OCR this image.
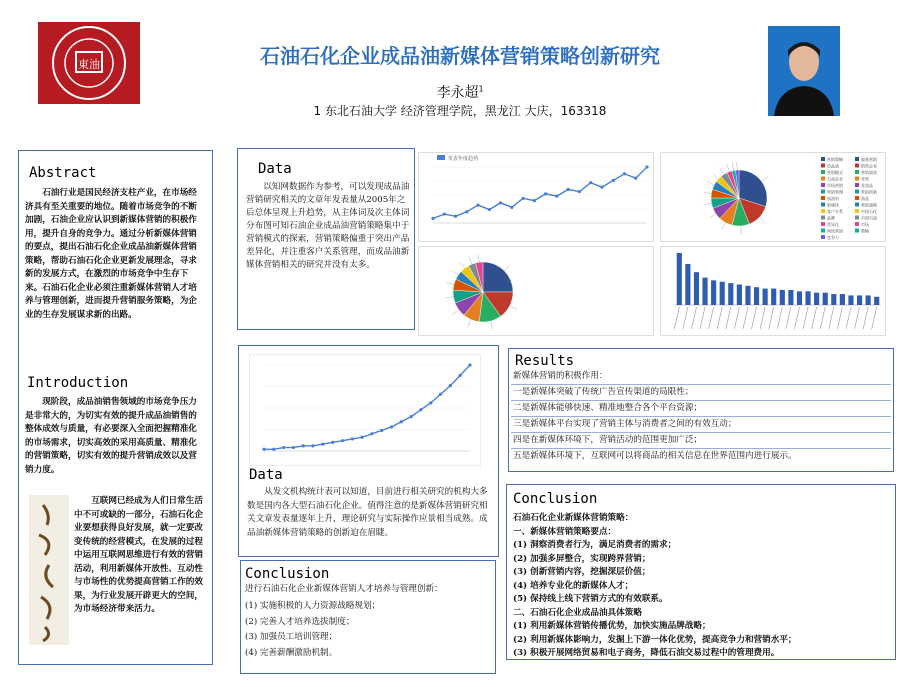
東油	石油石化企业成品油新媒体营销策略创新研究
李永超$^1$
1 东北石油大学 经济管理学院，黑龙江 大庆，163318
Abstract
　　石油行业是国民经济支柱产业，在市场经济具有至关重要的地位。随着市场竞争的不断加剧，石油企业应认识到新媒体营销的积极作用，提升自身的竞争力。通过分析新媒体营销的要点，提出石油石化企业成品油新媒体营销策略，帮助石油石化企业更新发展理念，寻求新的发展方式，在激烈的市场竞争中生存下来。石油石化企业必须注重新媒体营销人才培养与管理创新，进而提升营销服务策略，为企业的生存发展谋求新的出路。
Introduction
　　现阶段，成品油销售领域的市场竞争压力是非常大的，为切实有效的提升成品油销售的整体成效与质量，有必要深入全面把握精准化的市场需求，切实高效的采用高质量、精准化的营销策略，切实有效的提升营销成效以及营销力度。
　　互联网已经成为人们日常生活中不可或缺的一部分，石油石化企业要想获得良好发展，就一定要改变传统的经营模式，在发展的过程中运用互联网思维进行有效的营销活动，利用新媒体开放性、互动性与市场性的优势提高营销工作的效果，为行业发展开辟更大的空间，为市场经济带来活力。
Data
　　以知网数据作为参考，可以发现成品油营销研究相关的文章年发表量从2005年之后总体呈现上升趋势，从主体词及次主体词分布图可知石油企业成品油营销策略集中于营销模式的探索，营销策略偏重于突出产品差异化，并注重客户关系管理，而成品油新媒体营销相关的研究并没有太多。
发表年度趋势	营销策略
成品油
营销模式
石油企业
市场营销
营销管理
加油站
新媒体
客户关系
品牌
差异化
网络营销
竞争力
服务营销
销售企业
营销渠道
零售
非油品
营销创新
油品
营销战略
中国石化
中国石油
市场
策略
Data
　　从发文机构统计表可以知道，目前进行相关研究的机构大多数是国内各大型石油石化企业。值得注意的是新媒体营销研究相关文章发表量逐年上升，理论研究与实际操作应景相当成熟。成品油新媒体营销策略的创新迫在眉睫。
Conclusion
进行石油石化企业新媒体营销人才培养与管理创新：
(1) 实施积极的人力资源战略规划；
(2) 完善人才培养选拔制度；
(3) 加强员工培训管理；
(4) 完善薪酬激励机制。
Results
新媒体营销的积极作用：
一是新媒体突破了传统广告宣传渠道的局限性；
二是新媒体能够快速、精准地整合各个平台资源；
三是新媒体平台实现了营销主体与消费者之间的有效互动；
四是在新媒体环境下，营销活动的范围更加广泛；
五是新媒体环境下，互联网可以将商品的相关信息在世界范围内进行展示。
Conclusion
石油石化企业新媒体营销策略：
一、新媒体营销策略要点：
(1) 洞察消费者行为，满足消费者的需求；
(2) 加强多屏整合，实现跨界营销；
(3) 创新营销内容，挖掘深层价值；
(4) 培养专业化的新媒体人才；
(5) 保持线上线下营销方式的有效联系。
二、石油石化企业成品油具体策略
(1) 利用新媒体营销传播优势，加快实施品牌战略；
(2) 利用新媒体影响力，发掘上下游一体化优势，提高竞争力和营销水平；
(3) 积极开展网络贸易和电子商务，降低石油交易过程中的管理费用。
